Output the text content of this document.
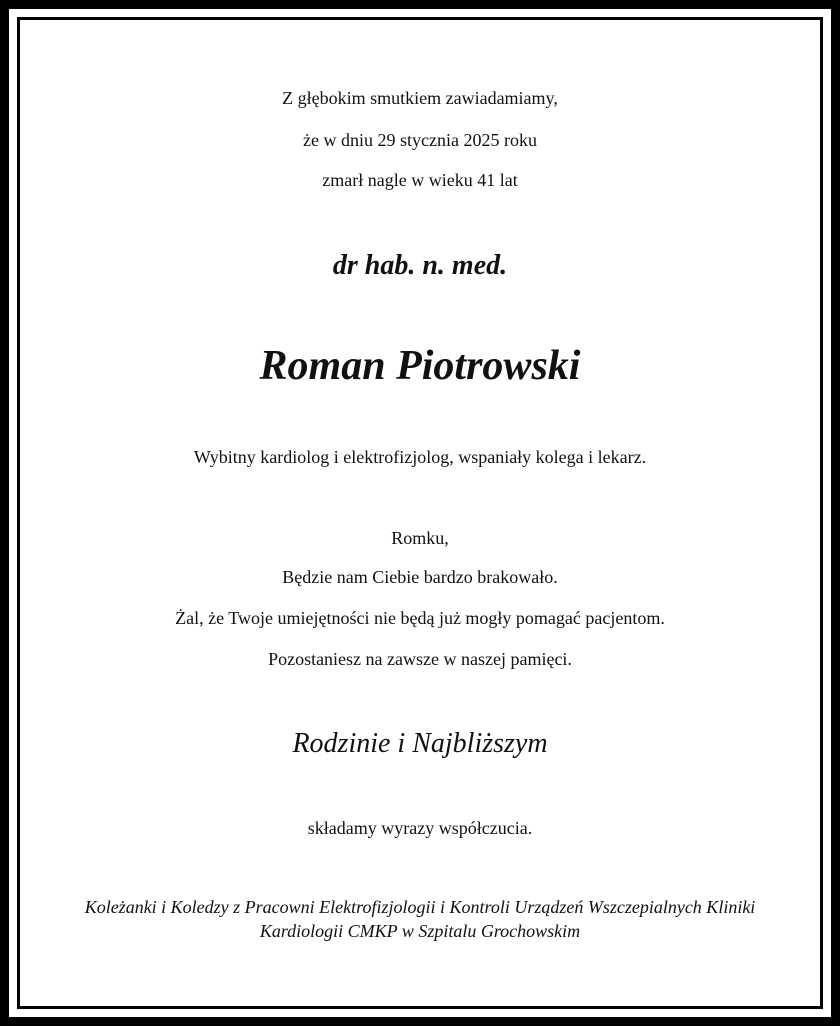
Z głębokim smutkiem zawiadamiamy,
że w dniu 29 stycznia 2025 roku
zmarł nagle w wieku 41 lat
dr hab. n. med.
Roman Piotrowski
Wybitny kardiolog i elektrofizjolog, wspaniały kolega i lekarz.
Romku,
Będzie nam Ciebie bardzo brakowało.
Żal, że Twoje umiejętności nie będą już mogły pomagać pacjentom.
Pozostaniesz na zawsze w naszej pamięci.
Rodzinie i Najbliższym
składamy wyrazy współczucia.
Koleżanki i Koledzy z Pracowni Elektrofizjologii i Kontroli Urządzeń Wszczepialnych Kliniki
Kardiologii CMKP w Szpitalu Grochowskim
